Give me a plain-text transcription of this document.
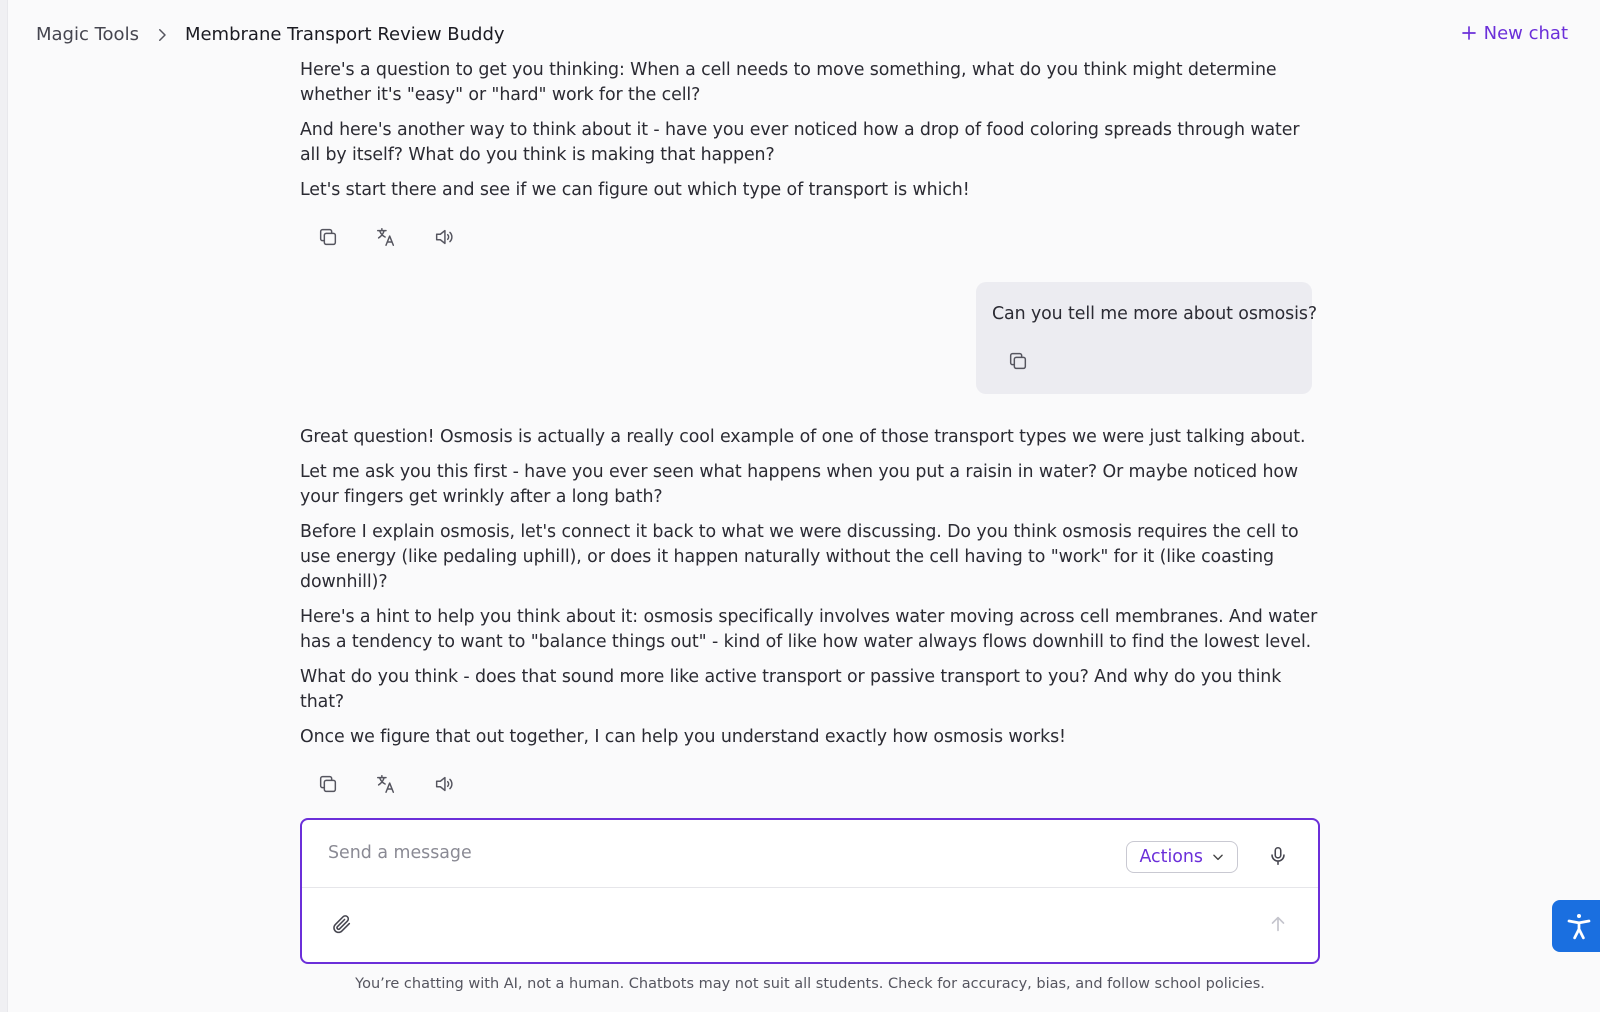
Magic Tools	Membrane Transport Review Buddy	New chat

Here's a question to get you thinking: When a cell needs to move something, what do you think might determine whether it's "easy" or "hard" work for the cell?

And here's another way to think about it - have you ever noticed how a drop of food coloring spreads through water all by itself? What do you think is making that happen?

Let's start there and see if we can figure out which type of transport is which!

Can you tell me more about osmosis?

Great question! Osmosis is actually a really cool example of one of those transport types we were just talking about.

Let me ask you this first - have you ever seen what happens when you put a raisin in water? Or maybe noticed how your fingers get wrinkly after a long bath?

Before I explain osmosis, let's connect it back to what we were discussing. Do you think osmosis requires the cell to use energy (like pedaling uphill), or does it happen naturally without the cell having to "work" for it (like coasting downhill)?

Here's a hint to help you think about it: osmosis specifically involves water moving across cell membranes. And water has a tendency to want to "balance things out" - kind of like how water always flows downhill to find the lowest level.

What do you think - does that sound more like active transport or passive transport to you? And why do you think that?

Once we figure that out together, I can help you understand exactly how osmosis works!

Send a message
Actions

You’re chatting with AI, not a human. Chatbots may not suit all students. Check for accuracy, bias, and follow school policies.
